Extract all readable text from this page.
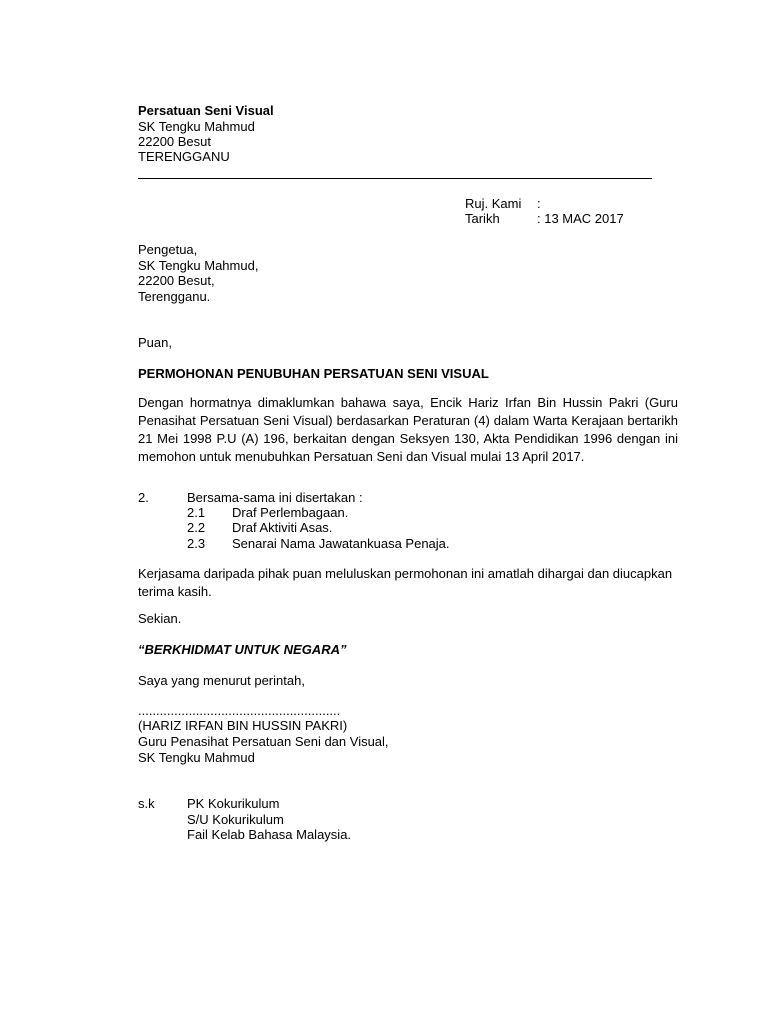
Persatuan Seni Visual
SK Tengku Mahmud
22200 Besut
TERENGGANU
Ruj. Kami :
Tarikh	: 13 MAC 2017
Pengetua,
SK Tengku Mahmud,
22200 Besut,
Terengganu.
Puan,
PERMOHONAN PENUBUHAN PERSATUAN SENI VISUAL
Dengan hormatnya dimaklumkan bahawa saya, Encik Hariz Irfan Bin Hussin Pakri (Guru Penasihat Persatuan Seni Visual) berdasarkan Peraturan (4) dalam Warta Kerajaan bertarikh 21 Mei 1998 P.U (A) 196, berkaitan dengan Seksyen 130, Akta Pendidikan 1996 dengan ini memohon untuk menubuhkan Persatuan Seni dan Visual mulai 13 April 2017.
2.	Bersama-sama ini disertakan :
2.1 Draf Perlembagaan.
2.2 Draf Aktiviti Asas.
2.3 Senarai Nama Jawatankuasa Penaja.
Kerjasama daripada pihak puan meluluskan permohonan ini amatlah dihargai dan diucapkan terima kasih.
Sekian.
“BERKHIDMAT UNTUK NEGARA”
Saya yang menurut perintah,
........................................................
(HARIZ IRFAN BIN HUSSIN PAKRI)
Guru Penasihat Persatuan Seni dan Visual,
SK Tengku Mahmud
s.k PK Kokurikulum
S/U Kokurikulum
Fail Kelab Bahasa Malaysia.
